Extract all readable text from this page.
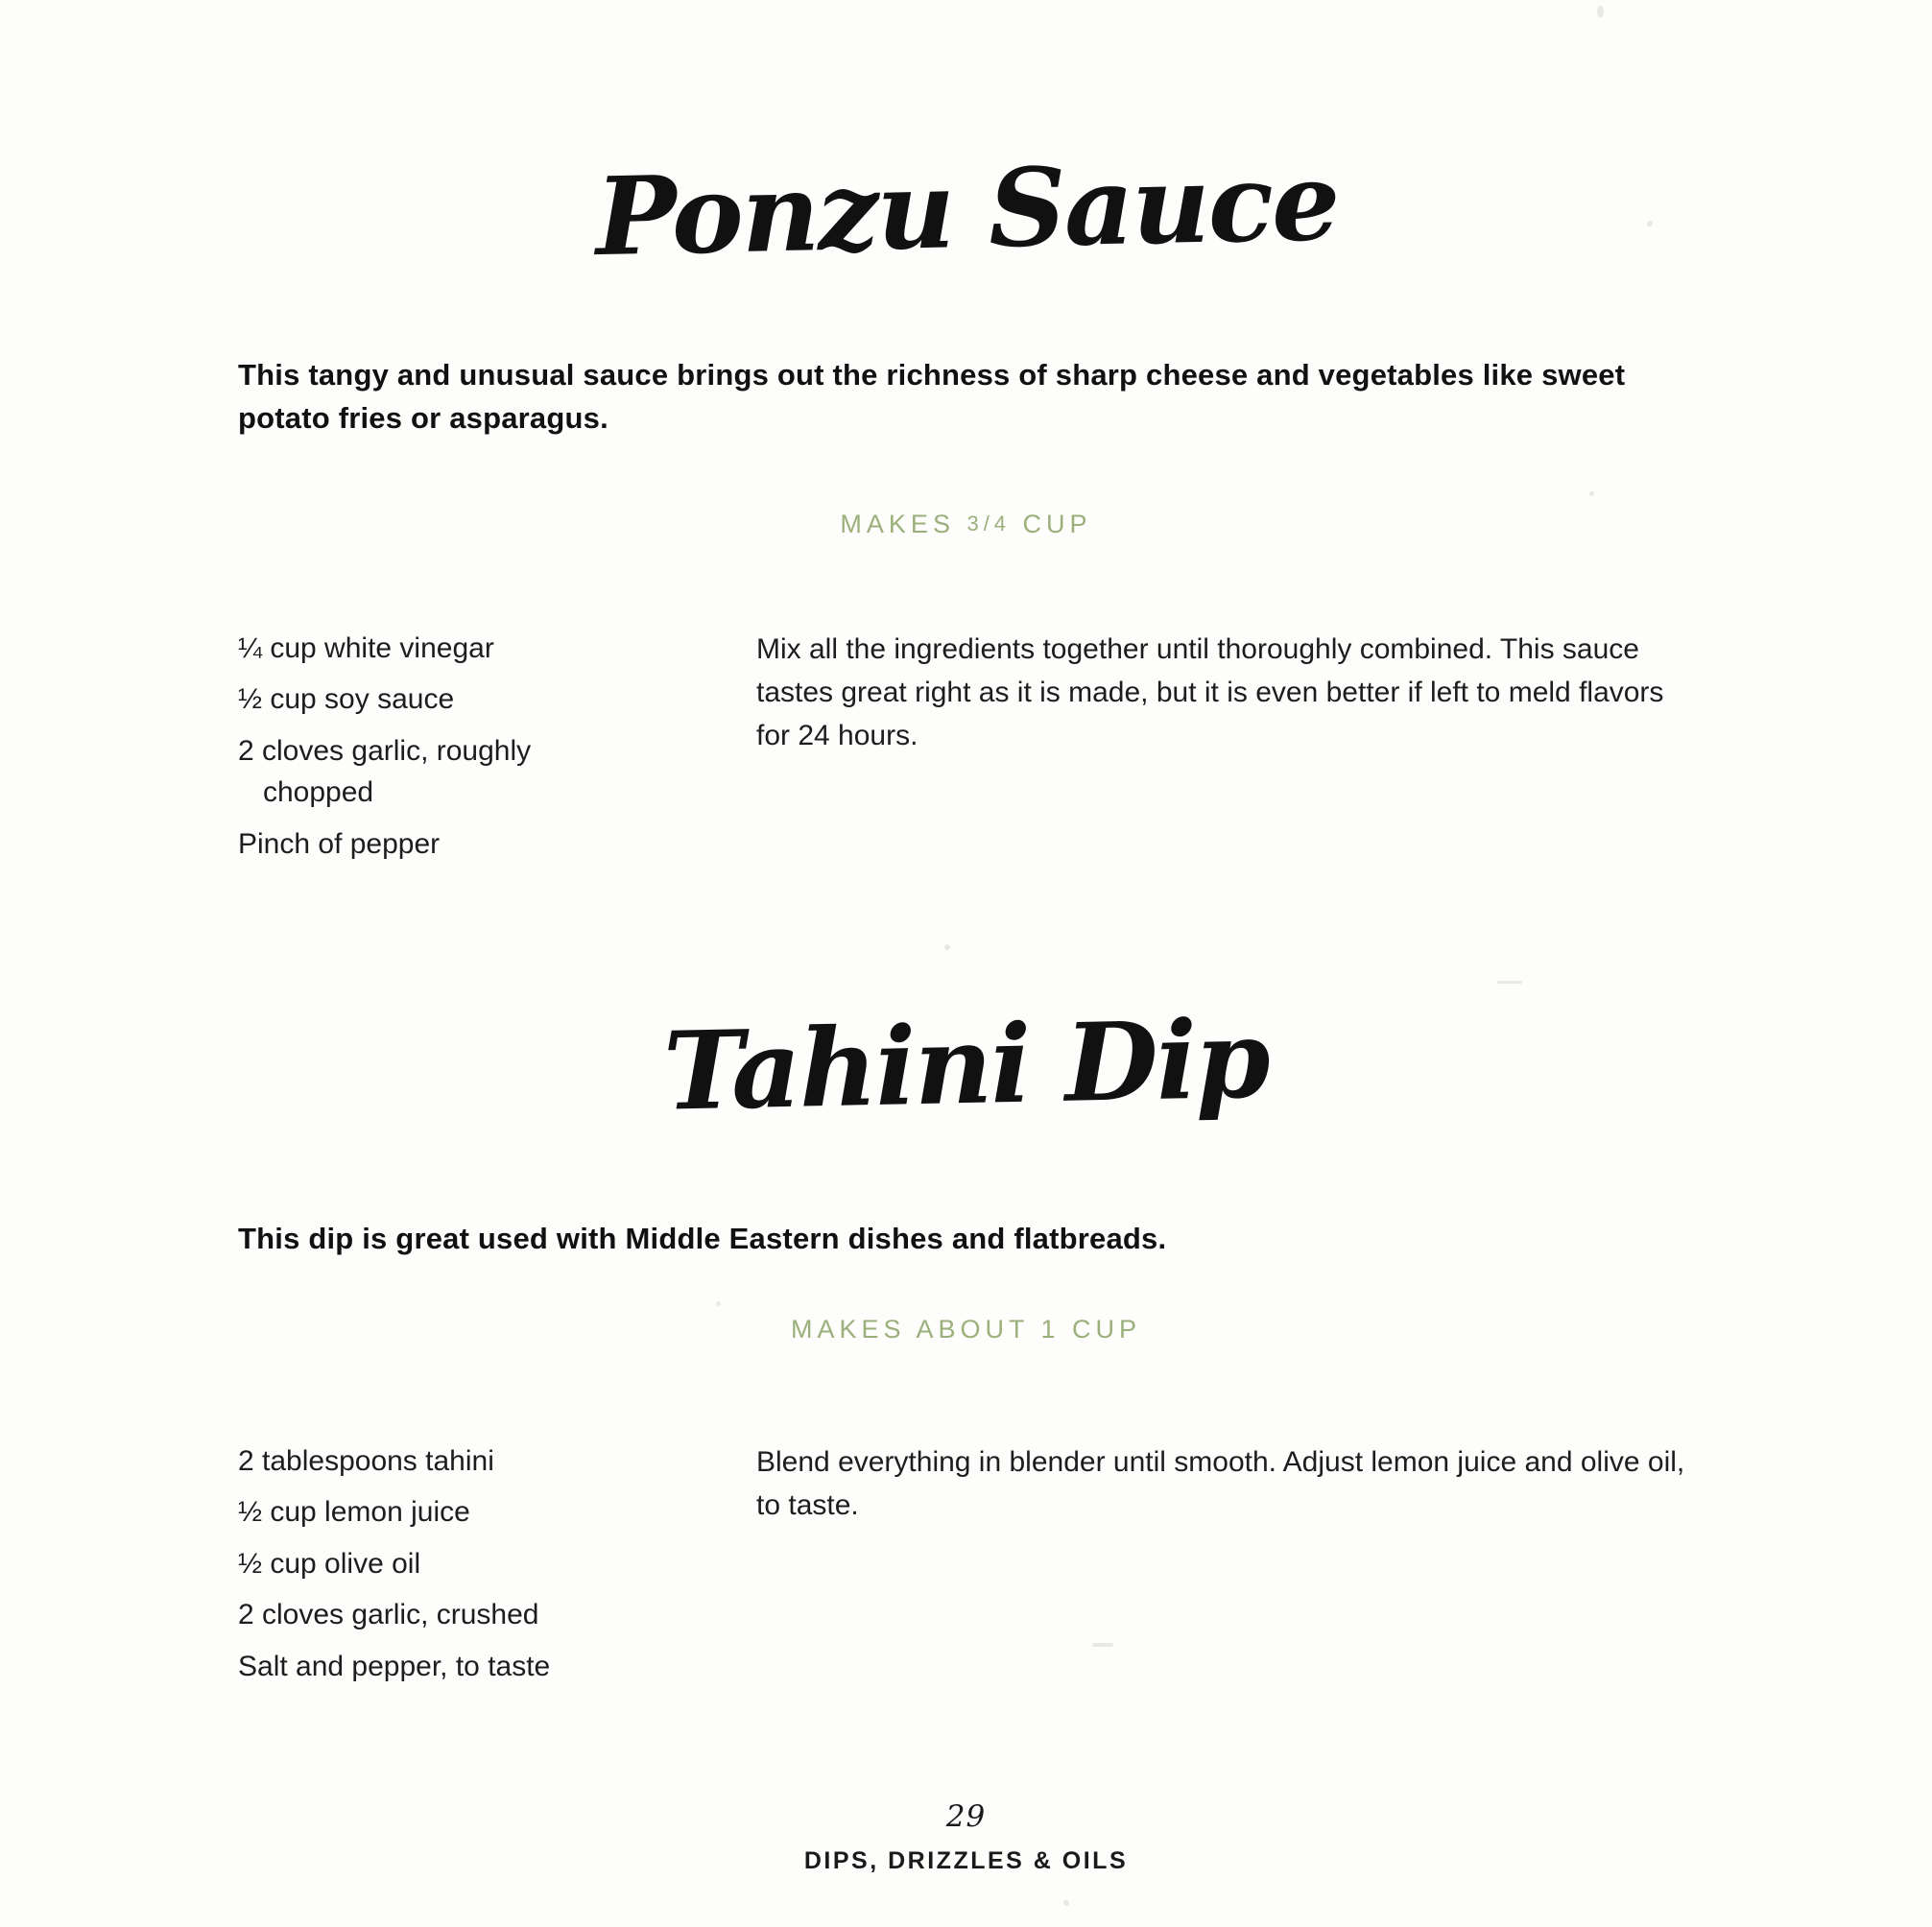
Ponzu Sauce

This tangy and unusual sauce brings out the richness of sharp cheese and vegetables like sweet potato fries or asparagus.

MAKES 3/4 CUP
¼ cup white vinegar
½ cup soy sauce
2 cloves garlic, roughly
chopped
Pinch of pepper

Mix all the ingredients together until thoroughly combined. This sauce tastes great right as it is made, but it is even better if left to meld flavors for 24 hours.

Tahini Dip

This dip is great used with Middle Eastern dishes and flatbreads.

MAKES ABOUT 1 CUP
2 tablespoons tahini
½ cup lemon juice
½ cup olive oil
2 cloves garlic, crushed
Salt and pepper, to taste

Blend everything in blender until smooth. Adjust lemon juice and olive oil, to taste.

29
DIPS, DRIZZLES & OILS
